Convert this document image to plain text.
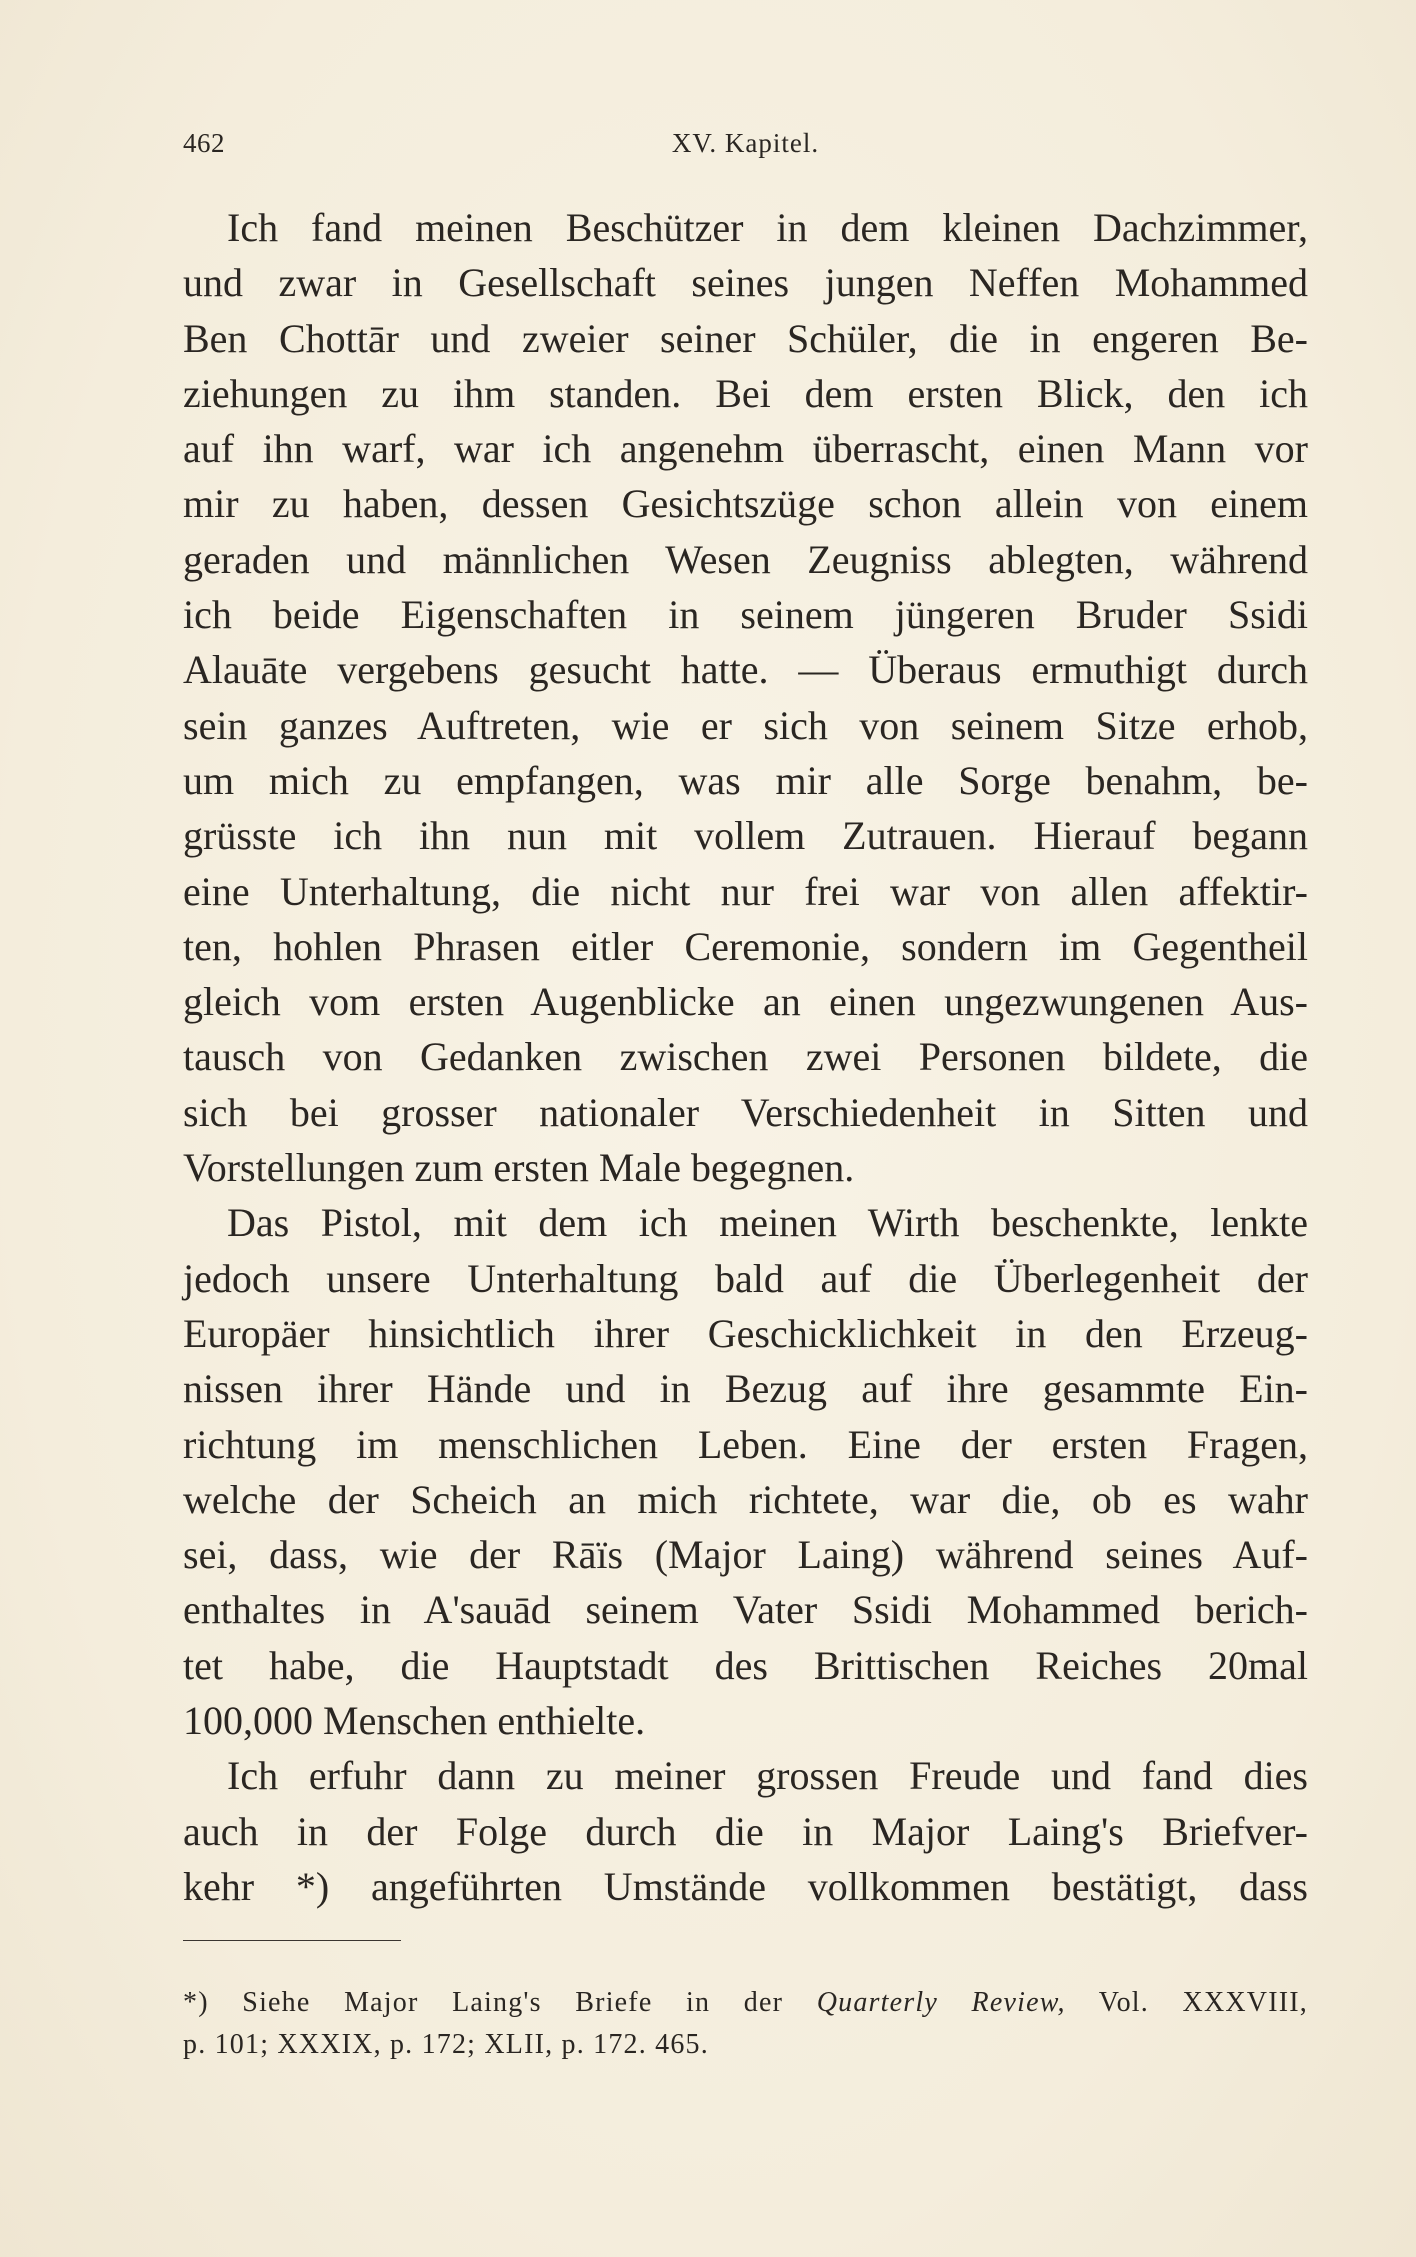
462	XV. Kapitel.
Ich fand meinen Beschützer in dem kleinen Dachzimmer,
und zwar in Gesellschaft seines jungen Neffen Mohammed
Ben Chottār und zweier seiner Schüler, die in engeren Be-
ziehungen zu ihm standen. Bei dem ersten Blick, den ich
auf ihn warf, war ich angenehm überrascht, einen Mann vor
mir zu haben, dessen Gesichtszüge schon allein von einem
geraden und männlichen Wesen Zeugniss ablegten, während
ich beide Eigenschaften in seinem jüngeren Bruder Ssidi
Alauāte vergebens gesucht hatte. — Überaus ermuthigt durch
sein ganzes Auftreten, wie er sich von seinem Sitze erhob,
um mich zu empfangen, was mir alle Sorge benahm, be-
grüsste ich ihn nun mit vollem Zutrauen. Hierauf begann
eine Unterhaltung, die nicht nur frei war von allen affektir-
ten, hohlen Phrasen eitler Ceremonie, sondern im Gegentheil
gleich vom ersten Augenblicke an einen ungezwungenen Aus-
tausch von Gedanken zwischen zwei Personen bildete, die
sich bei grosser nationaler Verschiedenheit in Sitten und
Vorstellungen zum ersten Male begegnen.
Das Pistol, mit dem ich meinen Wirth beschenkte, lenkte
jedoch unsere Unterhaltung bald auf die Überlegenheit der
Europäer hinsichtlich ihrer Geschicklichkeit in den Erzeug-
nissen ihrer Hände und in Bezug auf ihre gesammte Ein-
richtung im menschlichen Leben. Eine der ersten Fragen,
welche der Scheich an mich richtete, war die, ob es wahr
sei, dass, wie der Rāïs (Major Laing) während seines Auf-
enthaltes in A'sauād seinem Vater Ssidi Mohammed berich-
tet habe, die Hauptstadt des Brittischen Reiches 20mal
100,000 Menschen enthielte.
Ich erfuhr dann zu meiner grossen Freude und fand dies
auch in der Folge durch die in Major Laing's Briefver-
kehr *) angeführten Umstände vollkommen bestätigt, dass
*) Siehe Major Laing's Briefe in der Quarterly Review, Vol. XXXVIII,
p. 101; XXXIX, p. 172; XLII, p. 172. 465.
